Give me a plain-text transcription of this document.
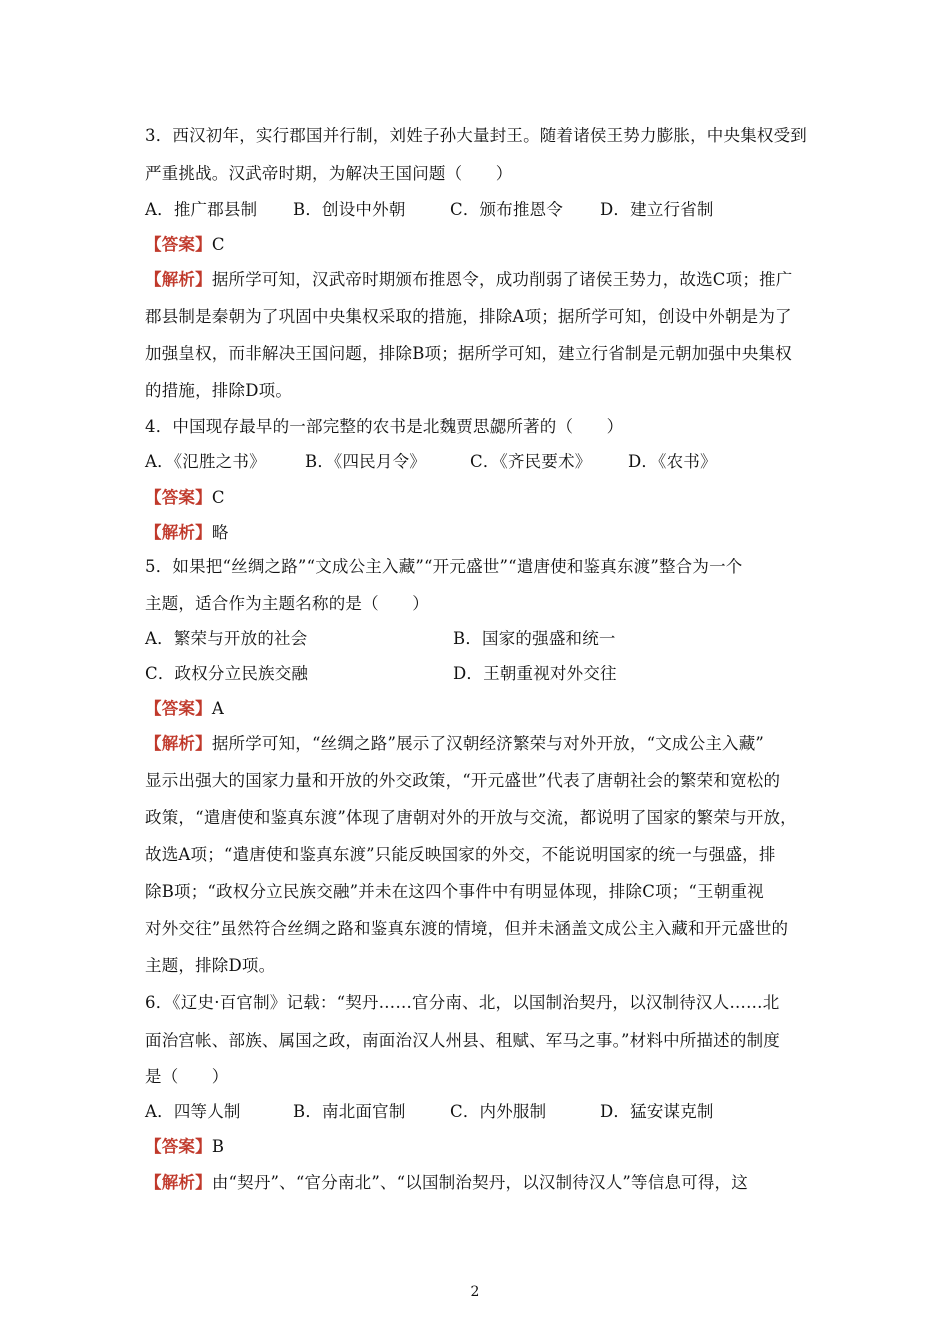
3．西汉初年，实行郡国并行制，刘姓子孙大量封王。随着诸侯王势力膨胀，中央集权受到
严重挑战。汉武帝时期，为解决王国问题（　　）
A．推广郡县制 B．创设中外朝	C．颁布推恩令 D．建立行省制
【答案】C
【解析】据所学可知，汉武帝时期颁布推恩令，成功削弱了诸侯王势力，故选C项；推广
郡县制是秦朝为了巩固中央集权采取的措施，排除A项；据所学可知，创设中外朝是为了
加强皇权，而非解决王国问题，排除B项；据所学可知，建立行省制是元朝加强中央集权
的措施，排除D项。
4．中国现存最早的一部完整的农书是北魏贾思勰所著的（　　）
A．《氾胜之书》 B．《四民月令》	C．《齐民要术》 D．《农书》
【答案】C
【解析】略
5．如果把“丝绸之路”“文成公主入藏”“开元盛世”“遣唐使和鉴真东渡”整合为一个
主题，适合作为主题名称的是（　　）
A．繁荣与开放的社会	B．国家的强盛和统一
C．政权分立民族交融	D．王朝重视对外交往
【答案】A
【解析】据所学可知，“丝绸之路”展示了汉朝经济繁荣与对外开放，“文成公主入藏”
显示出强大的国家力量和开放的外交政策，“开元盛世”代表了唐朝社会的繁荣和宽松的
政策，“遣唐使和鉴真东渡”体现了唐朝对外的开放与交流，都说明了国家的繁荣与开放，
故选A项；“遣唐使和鉴真东渡”只能反映国家的外交，不能说明国家的统一与强盛，排
除B项；“政权分立民族交融”并未在这四个事件中有明显体现，排除C项；“王朝重视
对外交往”虽然符合丝绸之路和鉴真东渡的情境，但并未涵盖文成公主入藏和开元盛世的
主题，排除D项。
6．《辽史·百官制》记载：“契丹……官分南、北，以国制治契丹，以汉制待汉人……北
面治宫帐、部族、属国之政，南面治汉人州县、租赋、军马之事。”材料中所描述的制度
是（　　）
A．四等人制	B．南北面官制	C．内外服制	D．猛安谋克制
【答案】B
【解析】由“契丹”、“官分南北”、“以国制治契丹，以汉制待汉人”等信息可得，这
2
